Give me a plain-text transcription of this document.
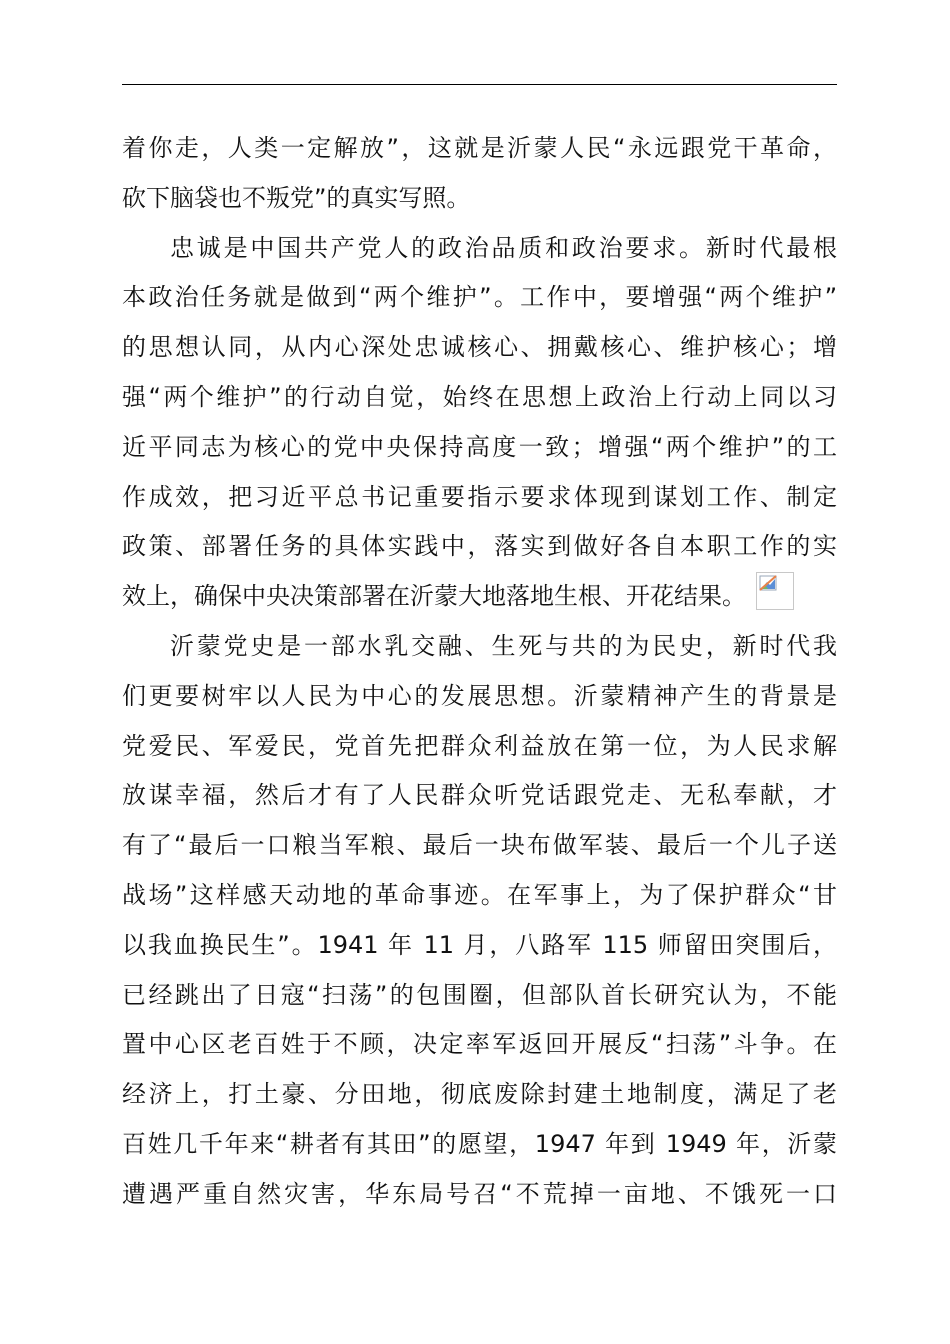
着你走，人类一定解放”，这就是沂蒙人民“永远跟党干革命，
砍下脑袋也不叛党”的真实写照。
忠诚是中国共产党人的政治品质和政治要求。新时代最根
本政治任务就是做到“两个维护”。工作中，要增强“两个维护”
的思想认同，从内心深处忠诚核心、拥戴核心、维护核心；增
强“两个维护”的行动自觉，始终在思想上政治上行动上同以习
近平同志为核心的党中央保持高度一致；增强“两个维护”的工
作成效，把习近平总书记重要指示要求体现到谋划工作、制定
政策、部署任务的具体实践中，落实到做好各自本职工作的实
效上，确保中央决策部署在沂蒙大地落地生根、开花结果。
沂蒙党史是一部水乳交融、生死与共的为民史，新时代我
们更要树牢以人民为中心的发展思想。沂蒙精神产生的背景是
党爱民、军爱民，党首先把群众利益放在第一位，为人民求解
放谋幸福，然后才有了人民群众听党话跟党走、无私奉献，才
有了“最后一口粮当军粮、最后一块布做军装、最后一个儿子送
战场”这样感天动地的革命事迹。在军事上，为了保护群众“甘
以我血换民生”。1941 年 11 月，八路军 115 师留田突围后，
已经跳出了日寇“扫荡”的包围圈，但部队首长研究认为，不能
置中心区老百姓于不顾，决定率军返回开展反“扫荡”斗争。在
经济上，打土豪、分田地，彻底废除封建土地制度，满足了老
百姓几千年来“耕者有其田”的愿望，1947 年到 1949 年，沂蒙
遭遇严重自然灾害，华东局号召“不荒掉一亩地、不饿死一口
